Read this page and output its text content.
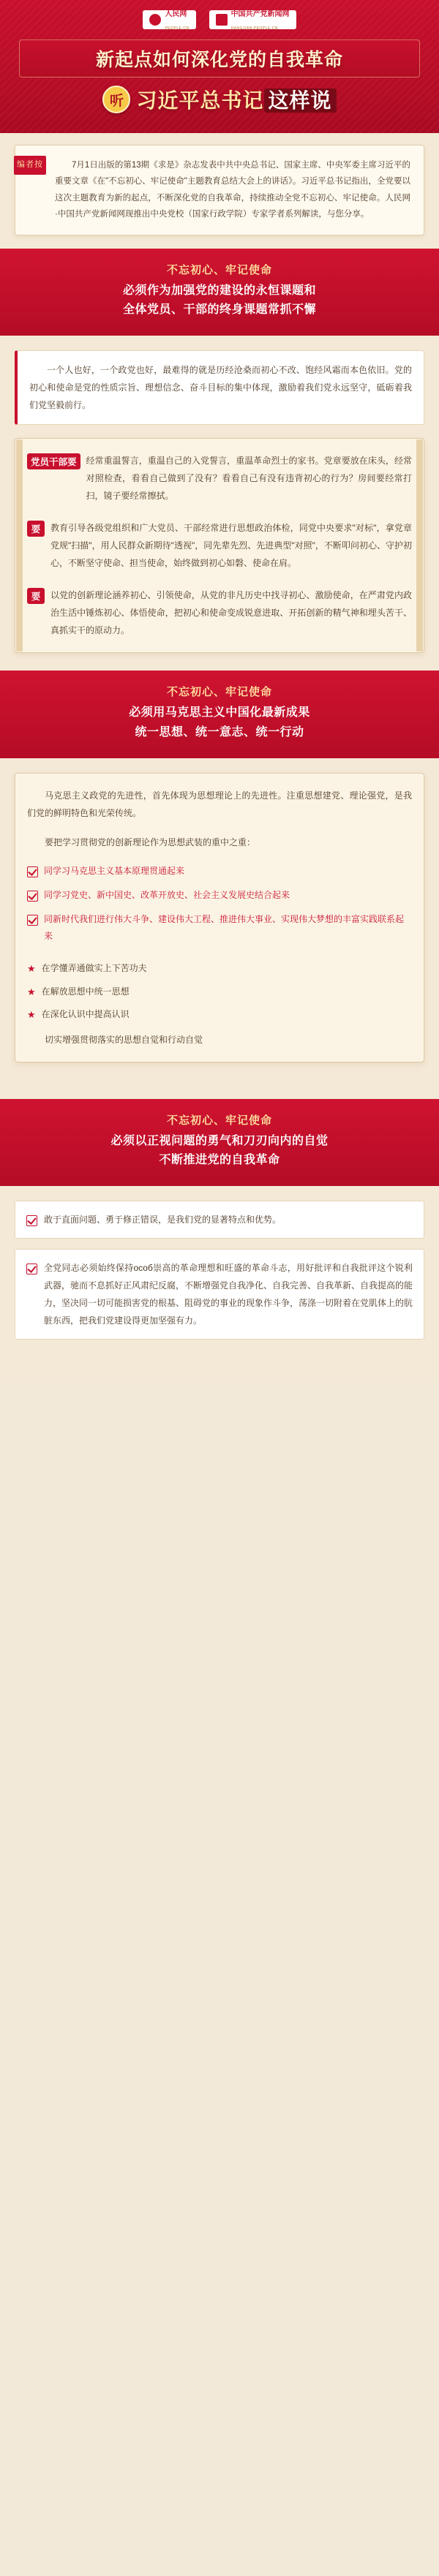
人民网
PEOPLE.CN
中国共产党新闻网
DANGJIAN.PEOPLE.CN
新起点如何深化党的自我革命
听 习近平总书记 这样说
编者按	7月1日出版的第13期《求是》杂志发表中共中央总书记、国家主席、中央军委主席习近平的重要文章《在"不忘初心、牢记使命"主题教育总结大会上的讲话》。习近平总书记指出，全党要以这次主题教育为新的起点，不断深化党的自我革命，持续推动全党不忘初心、牢记使命。人民网·中国共产党新闻网现推出中央党校（国家行政学院）专家学者系列解读，与您分享。
不忘初心、牢记使命
必须作为加强党的建设的永恒课题和
全体党员、干部的终身课题常抓不懈
一个人也好，一个政党也好，最难得的就是历经沧桑而初心不改、饱经风霜而本色依旧。党的初心和使命是党的性质宗旨、理想信念、奋斗目标的集中体现，激励着我们党永远坚守，砥砺着我们党坚毅前行。
党员干部要	经常重温誓言，重温自己的入党誓言，重温革命烈士的家书。党章要放在床头，经常对照检查，看看自己做到了没有？看看自己有没有违背初心的行为？房间要经常打扫，镜子要经常擦拭。
要	教育引导各级党组织和广大党员、干部经常进行思想政治体检，同党中央要求"对标"，拿党章党规"扫描"，用人民群众新期待"透视"，同先辈先烈、先进典型"对照"，不断叩问初心、守护初心，不断坚守使命、担当使命，始终做到初心如磐、使命在肩。
要	以党的创新理论涵养初心、引领使命，从党的非凡历史中找寻初心、激励使命，在严肃党内政治生活中锤炼初心、体悟使命，把初心和使命变成锐意进取、开拓创新的精气神和埋头苦干、真抓实干的原动力。
不忘初心、牢记使命
必须用马克思主义中国化最新成果
统一思想、统一意志、统一行动
马克思主义政党的先进性，首先体现为思想理论上的先进性。注重思想建党、理论强党，是我们党的鲜明特色和光荣传统。
要把学习贯彻党的创新理论作为思想武装的重中之重：
同学习马克思主义基本原理贯通起来
同学习党史、新中国史、改革开放史、社会主义发展史结合起来
同新时代我们进行伟大斗争、建设伟大工程、推进伟大事业、实现伟大梦想的丰富实践联系起来
★ 在学懂弄通做实上下苦功夫
★ 在解放思想中统一思想
★ 在深化认识中提高认识
切实增强贯彻落实的思想自觉和行动自觉
不忘初心、牢记使命
必须以正视问题的勇气和刀刃向内的自觉
不断推进党的自我革命
敢于直面问题、勇于修正错误，是我们党的显著特点和优势。
全党同志必须始终保持особ崇高的革命理想和旺盛的革命斗志，用好批评和自我批评这个锐利武器，驰而不息抓好正风肃纪反腐，不断增强党自我净化、自我完善、自我革新、自我提高的能力，坚决同一切可能损害党的根基、阻碍党的事业的现象作斗争，荡涤一切附着在党肌体上的肮脏东西，把我们党建设得更加坚强有力。
